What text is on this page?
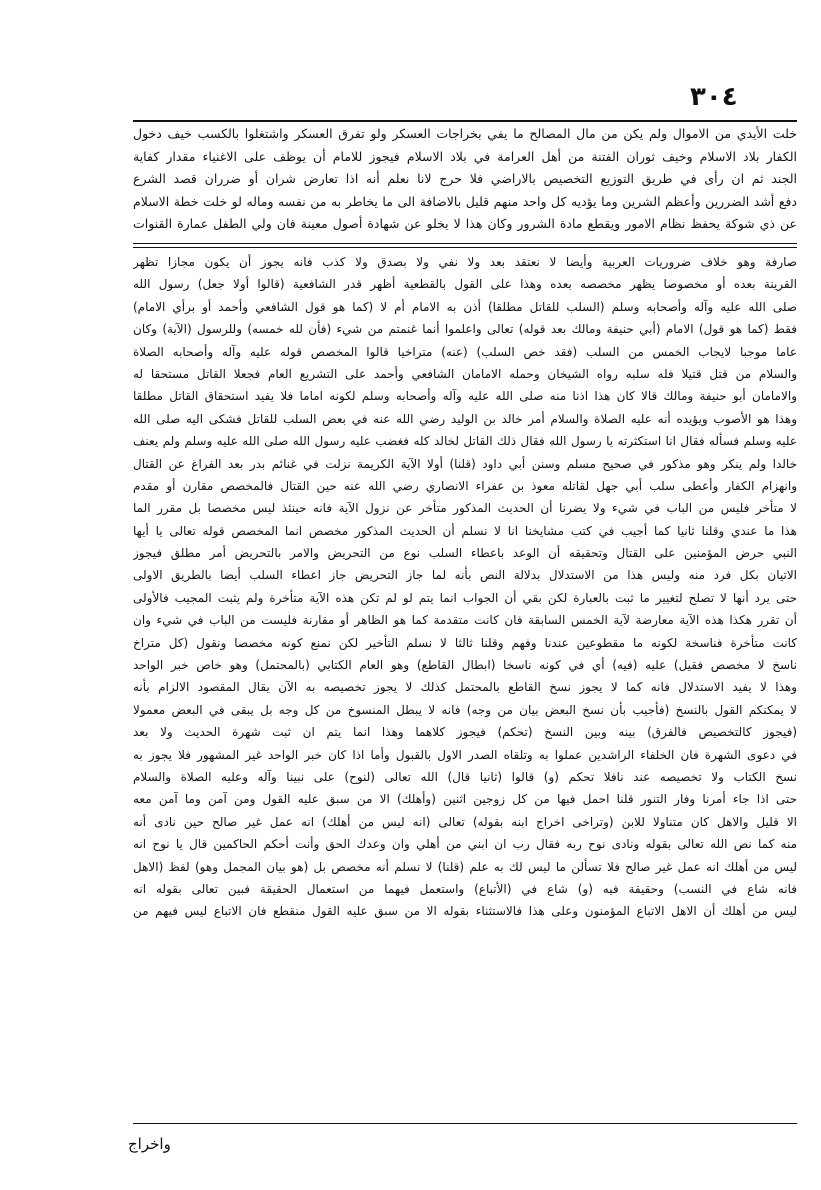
٣٠٤
خلت الأيدي من الاموال ولم يكن من مال المصالح ما يفي بخراجات العسكر ولو تفرق العسكر واشتغلوا بالكسب خيف دخول
الكفار بلاد الاسلام وخيف ثوران الفتنة من أهل العرامة في بلاد الاسلام فيجوز للامام أن يوظف على الاغنياء مقدار كفاية
الجند ثم ان رأى في طريق التوزيع التخصيص بالاراضي فلا حرج لانا نعلم أنه اذا تعارض شران أو ضرران قصد الشرع
دفع أشد الضررين وأعظم الشرين وما يؤديه كل واحد منهم قليل بالاضافة الى ما يخاطر به من نفسه وماله لو خلت خطة الاسلام
عن ذي شوكة يحفظ نظام الامور ويقطع مادة الشرور وكان هذا لا يخلو عن شهادة أصول معينة فان ولي الطفل عمارة القنوات
صارفة وهو خلاف ضروريات العربية وأيضا لا نعتقد بعد ولا نفي ولا بصدق ولا كذب فانه يجوز أن يكون مجازا تظهر
القرينة بعده أو مخصوصا يظهر مخصصه بعده وهذا على القول بالقطعية أظهر قدر الشافعية (قالوا أولا جعل) رسول الله
صلى الله عليه وآله وأصحابه وسلم (السلب للقاتل مطلقا) أذن به الامام أم لا (كما هو قول الشافعي وأحمد أو برأي الامام)
فقط (كما هو قول) الامام (أبي حنيفة ومالك بعد قوله) تعالى واعلموا أنما غنمتم من شيء (فأن لله خمسه) وللرسول (الآية) وكان
عاما موجبا لايجاب الخمس من السلب (فقد خص السلب) (عنه) متراخيا قالوا المخصص قوله عليه وآله وأصحابه الصلاة
والسلام من قتل قتيلا فله سلبه رواه الشيخان وحمله الامامان الشافعي وأحمد على التشريع العام فجعلا القاتل مستحقا له
والامامان أبو حنيفة ومالك قالا كان هذا اذنا منه صلى الله عليه وآله وأصحابه وسلم لكونه اماما فلا يفيد استحقاق القاتل مطلقا
وهذا هو الأصوب ويؤيده أنه عليه الصلاة والسلام أمر خالد بن الوليد رضي الله عنه في بعض السلب للقاتل فشكى اليه صلى الله
عليه وسلم فسأله فقال انا استكثرته يا رسول الله فقال ذلك القاتل لخالد كله فغضب عليه رسول الله صلى الله عليه وسلم ولم يعنف
خالدا ولم ينكر وهو مذكور في صحيح مسلم وسنن أبي داود (قلنا) أولا الآية الكريمة نزلت في غنائم بدر بعد الفراغ عن القتال
وانهزام الكفار وأعطى سلب أبي جهل لقاتله معوذ بن عفراء الانصاري رضي الله عنه حين القتال فالمخصص مقارن أو مقدم
لا متأخر فليس من الباب في شيء ولا يضرنا أن الحديث المذكور متأخر عن نزول الآية فانه حينئذ ليس مخصصا بل مقرر الما
هذا ما عندي وقلنا ثانيا كما أجيب في كتب مشايخنا انا لا نسلم أن الحديث المذكور مخصص انما المخصص قوله تعالى يا أيها
النبي حرض المؤمنين على القتال وتحقيقه أن الوعد باعطاء السلب نوع من التحريض والامر بالتحريض أمر مطلق فيجوز
الاتيان بكل فرد منه وليس هذا من الاستدلال بدلالة النص بأنه لما جاز التحريض جاز اعطاء السلب أيضا بالطريق الاولى
حتى يرد أنها لا تصلح لتغيير ما ثبت بالعبارة لكن بقي أن الجواب انما يتم لو لم تكن هذه الآية متأخرة ولم يثبت المجيب فالأولى
أن تقرر هكذا هذه الآية معارضة لآية الخمس السابقة فان كانت متقدمة كما هو الظاهر أو مقارنة فليست من الباب في شيء وان
كانت متأخرة فناسخة لكونه ما مقطوعين عندنا وفهم وقلنا ثالثا لا نسلم التأخير لكن نمنع كونه مخصصا ونقول (كل متراخ
ناسخ لا مخصص فقيل) عليه (فيه) أي في كونه ناسخا (ابطال القاطع) وهو العام الكتابي (بالمحتمل) وهو خاص خبر الواحد
وهذا لا يفيد الاستدلال فانه كما لا يجوز نسخ القاطع بالمحتمل كذلك لا يجوز تخصيصه به الآن يقال المقصود الالزام بأنه
لا يمكنكم القول بالنسخ (فأجيب بأن نسخ البعض بيان من وجه) فانه لا يبطل المنسوخ من كل وجه بل يبقى في البعض معمولا
(فيجوز كالتخصيص فالفرق) بينه وبين النسخ (تحكم) فيجوز كلاهما وهذا انما يتم ان ثبت شهرة الحديث ولا بعد
في دعوى الشهرة فان الخلفاء الراشدين عملوا به وتلقاه الصدر الاول بالقبول وأما اذا كان خبر الواحد غير المشهور فلا يجوز به
نسخ الكتاب ولا تخصيصه عند نافلا تحكم (و) قالوا (ثانيا قال) الله تعالى (لنوح) على نبينا وآله وعليه الصلاة والسلام
حتى اذا جاء أمرنا وفار التنور قلنا احمل فيها من كل زوجين اثنين (وأهلك) الا من سبق عليه القول ومن آمن وما آمن معه
الا قليل والاهل كان متناولا للابن (وتراخى اخراج ابنه بقوله) تعالى (انه ليس من أهلك) انه عمل غير صالح حين نادى أنه
منه كما نص الله تعالى بقوله ونادى نوح ربه فقال رب ان ابني من أهلي وان وعدك الحق وأنت أحكم الحاكمين قال يا نوح انه
ليس من أهلك انه عمل غير صالح فلا تسألن ما ليس لك به علم (قلنا) لا نسلم أنه مخصص بل (هو بيان المجمل وهو) لفظ (الاهل
فانه شاع في النسب) وحقيقة فيه (و) شاع في (الأتباع) واستعمل فيهما من استعمال الحقيقة فبين تعالى بقوله انه
ليس من أهلك أن الاهل الاتباع المؤمنون وعلى هذا فالاستثناء بقوله الا من سبق عليه القول منقطع فان الاتباع ليس فيهم من
واخراج
